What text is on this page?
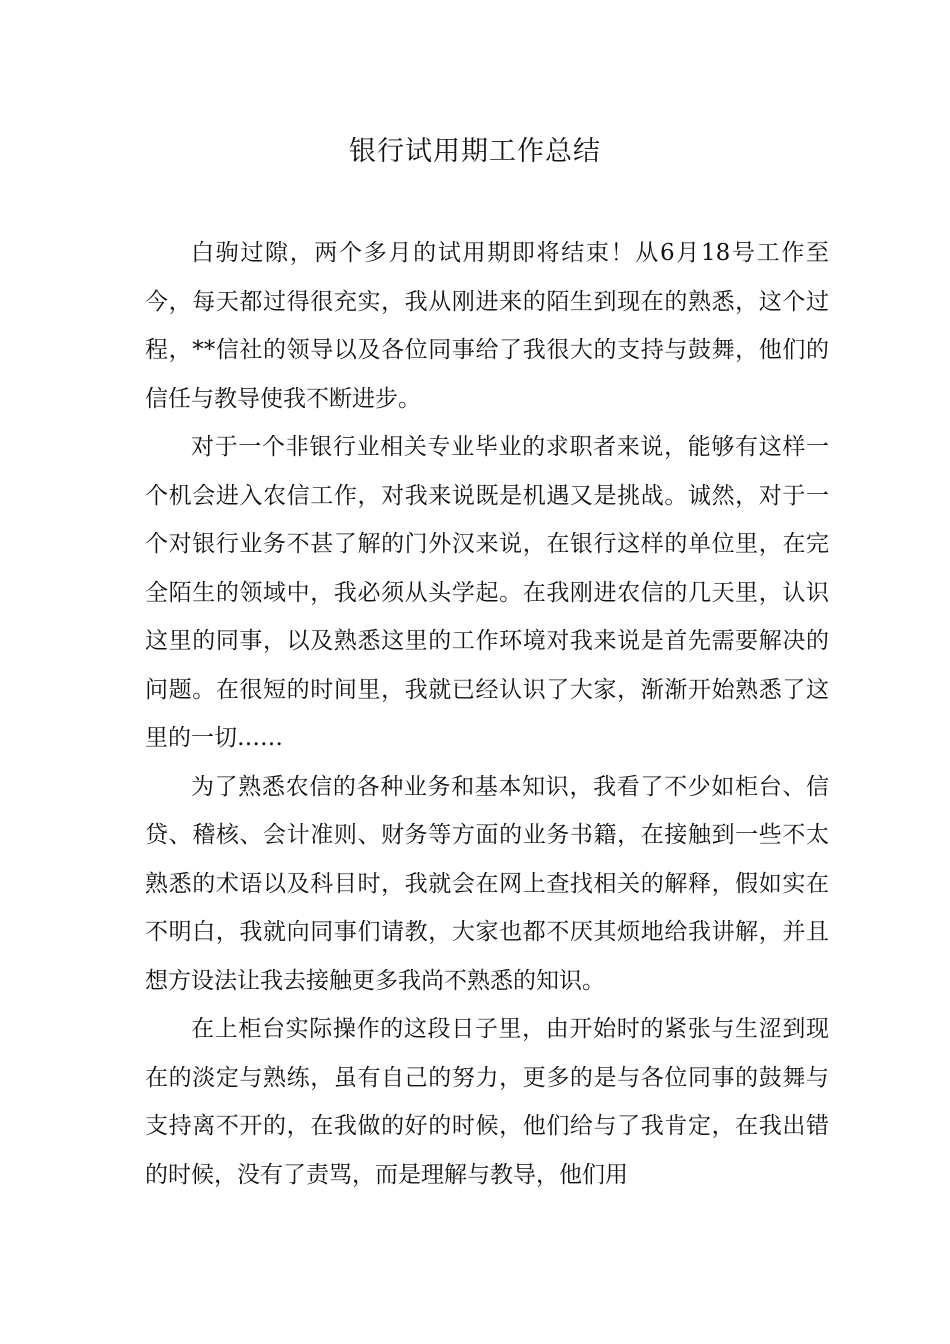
银行试用期工作总结

白驹过隙，两个多月的试用期即将结束！从6月18号工作至今，每天都过得很充实，我从刚进来的陌生到现在的熟悉，这个过程，**信社的领导以及各位同事给了我很大的支持与鼓舞，他们的信任与教导使我不断进步。

对于一个非银行业相关专业毕业的求职者来说，能够有这样一个机会进入农信工作，对我来说既是机遇又是挑战。诚然，对于一个对银行业务不甚了解的门外汉来说，在银行这样的单位里，在完全陌生的领域中，我必须从头学起。在我刚进农信的几天里，认识这里的同事，以及熟悉这里的工作环境对我来说是首先需要解决的问题。在很短的时间里，我就已经认识了大家，渐渐开始熟悉了这里的一切……

为了熟悉农信的各种业务和基本知识，我看了不少如柜台、信贷、稽核、会计准则、财务等方面的业务书籍，在接触到一些不太熟悉的术语以及科目时，我就会在网上查找相关的解释，假如实在不明白，我就向同事们请教，大家也都不厌其烦地给我讲解，并且想方设法让我去接触更多我尚不熟悉的知识。

在上柜台实际操作的这段日子里，由开始时的紧张与生涩到现在的淡定与熟练，虽有自己的努力，更多的是与各位同事的鼓舞与支持离不开的，在我做的好的时候，他们给与了我肯定，在我出错的时候，没有了责骂，而是理解与教导，他们用
